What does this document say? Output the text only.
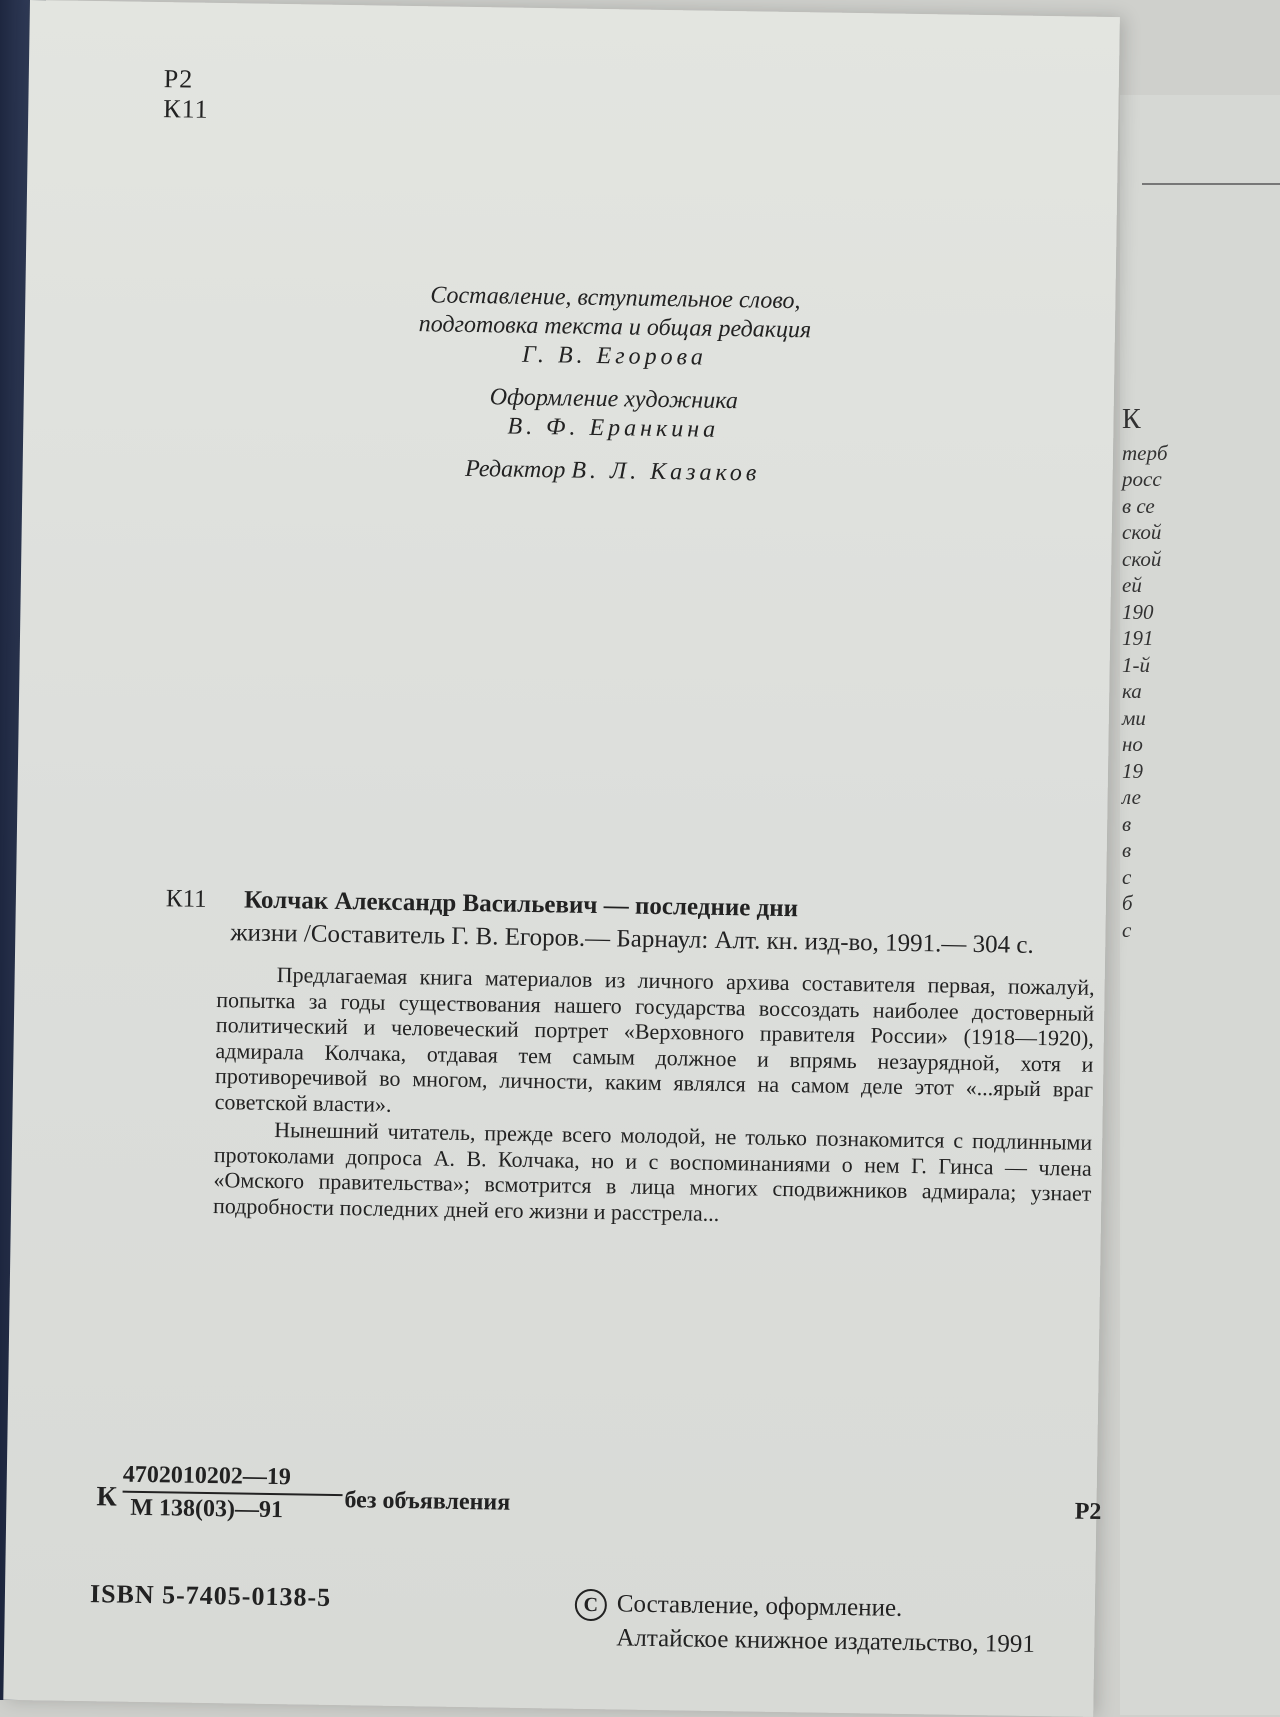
К
терб
росс
в се
ской
ской
ей
190
191
1-й
ка
ми
но
19
ле
в
в
с
б
с
Р2
К11
Составление, вступительное слово,
подготовка текста и общая редакция
Г. В. Егорова
Оформление художника
В. Ф. Еранкина
Редактор В. Л. Казаков
К11 Колчак Александр Васильевич — последние дни
жизни /Составитель Г. В. Егоров.— Барнаул: Алт. кн. изд-во, 1991.— 304 с.

Предлагаемая книга материалов из личного архива составителя первая, пожалуй, попытка за годы существования нашего государства воссоздать наиболее достоверный политический и человеческий портрет «Верховного правителя России» (1918—1920), адмирала Колчака, отдавая тем самым должное и впрямь незаурядной, хотя и противоречивой во многом, личности, каким являлся на самом деле этот «...ярый враг советской власти».

Нынешний читатель, прежде всего молодой, не только познакомится с подлинными протоколами допроса А. В. Колчака, но и с воспоминаниями о нем Г. Гинса — члена «Омского правительства»; всмотрится в лица многих сподвижников адмирала; узнает подробности последних дней его жизни и расстрела...

К
4702010202—19
М 138(03)—91	без объявления	Р2
ISBN 5-7405-0138-5	С Составление, оформление.
Алтайское книжное издательство, 1991
